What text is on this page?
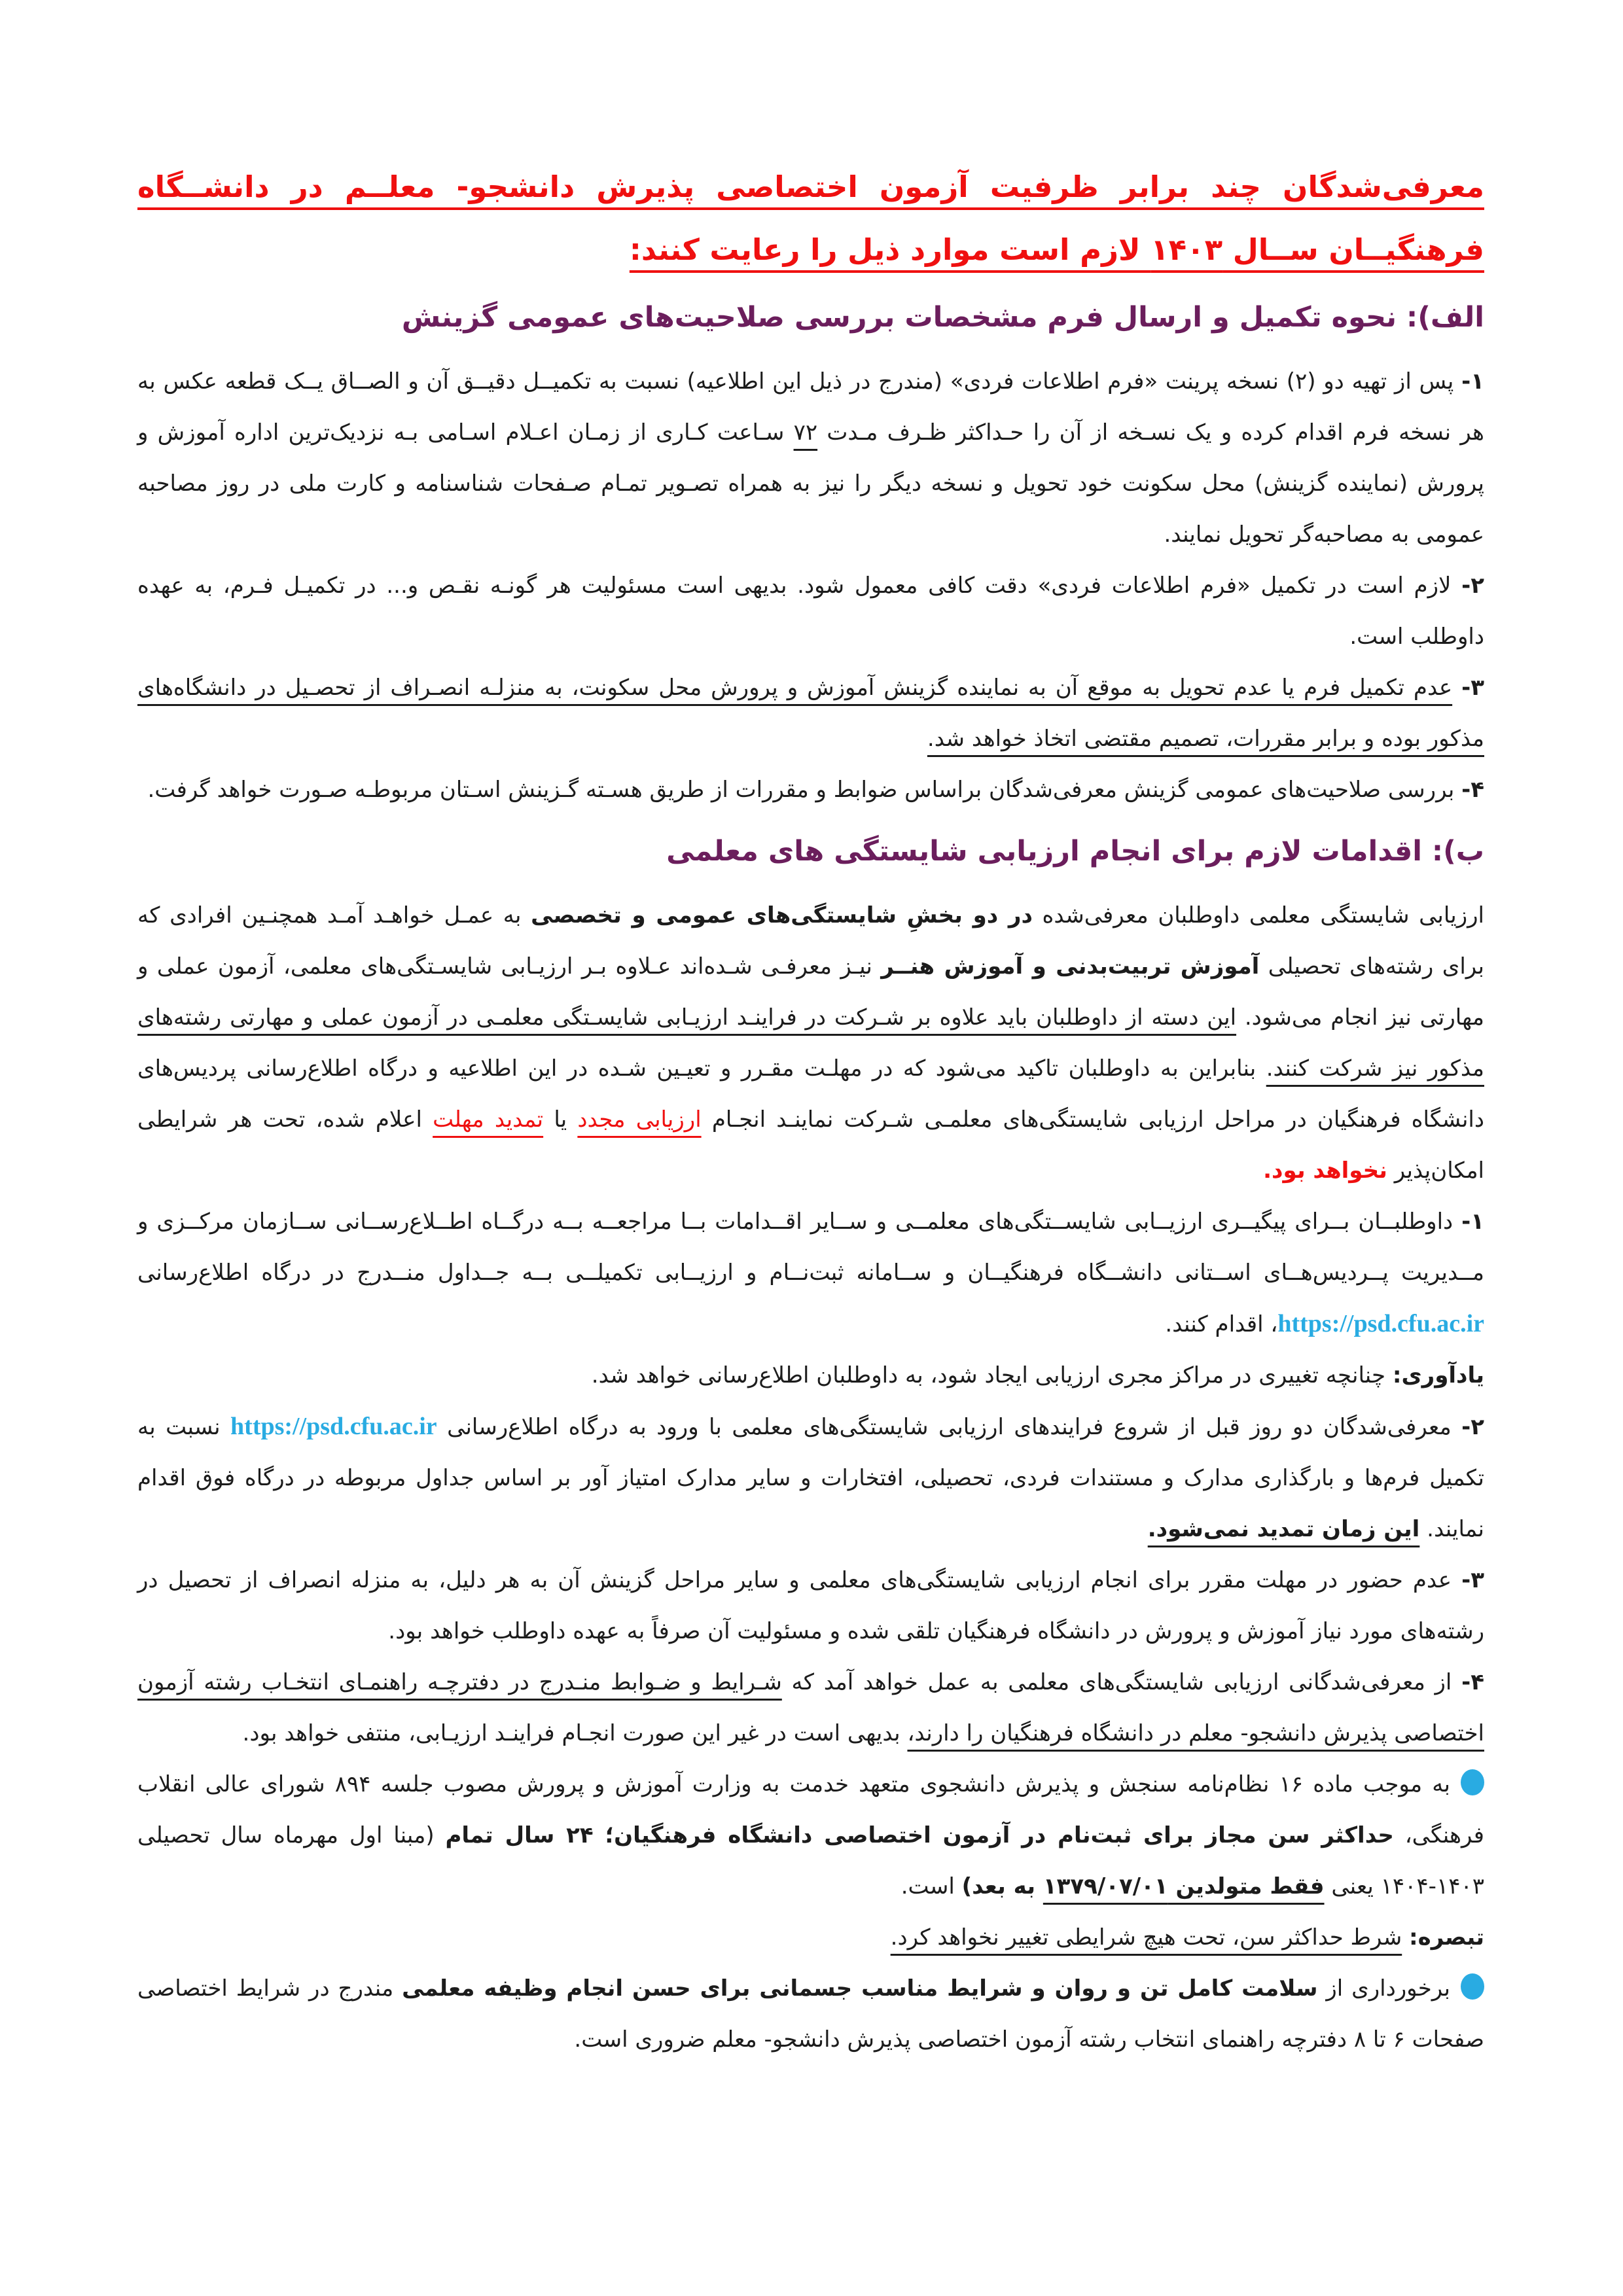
معرفی‌شدگان چند برابر ظرفیت آزمون اختصاصی پذیرش دانشجو- معلــم در دانشــگاه فرهنگیــان ســال ۱۴۰۳ لازم است موارد ذیل را رعایت کنند:

الف): نحوه تکمیل و ارسال فرم مشخصات بررسی صلاحیت‌های عمومی گزینش

۱- پس از تهیه دو (۲) نسخه پرینت «فرم اطلاعات فردی» (مندرج در ذیل این اطلاعیه) نسبت به تکمیــل دقیــق آن و الصــاق یــک قطعه عکس به هر نسخه فرم اقدام کرده و یک نسـخه از آن را حـداکثر ظـرف مـدت ۷۲ سـاعت کـاری از زمـان اعـلام اسـامی بـه نزدیک‌ترین اداره آموزش و پرورش (نماینده گزینش) محل سکونت خود تحویل و نسخه دیگر را نیز به همراه تصـویر تمـام صـفحات شناسنامه و کارت ملی در روز مصاحبه عمومی به مصاحبه‌گر تحویل نمایند.

۲- لازم است در تکمیل «فرم اطلاعات فردی» دقت کافی معمول شود. بدیهی است مسئولیت هر گونـه نقـص و... در تکمیـل فـرم، به عهده داوطلب است.

۳- عدم تکمیل فرم یا عدم تحویل به موقع آن به نماینده گزینش آموزش و پرورش محل سکونت، به منزلـه انصـراف از تحصـیل در دانشگاه‌های مذکور بوده و برابر مقررات، تصمیم مقتضی اتخاذ خواهد شد.

۴- بررسی صلاحیت‌های عمومی گزینش معرفی‌شدگان براساس ضوابط و مقررات از طریق هسـته گـزینش اسـتان مربوطـه صـورت خواهد گرفت.

ب): اقدامات لازم برای انجام ارزیابی شایستگی های معلمی

ارزیابی شایستگی معلمی داوطلبان معرفی‌شده در دو بخشِ شایستگی‌های عمومی و تخصصی به عمـل خواهـد آمـد همچنـین افرادی که برای رشته‌های تحصیلی آموزش تربیت‌بدنی و آموزش هنــر نیـز معرفـی شـده‌اند عـلاوه بـر ارزیـابی شایسـتگی‌های معلمی، آزمون عملی و مهارتی نیز انجام می‌شود. این دسته از داوطلبان باید علاوه بر شـرکت در فراینـد ارزیـابی شایسـتگی معلمـی در آزمون عملی و مهارتی رشته‌های مذکور نیز شرکت کنند. بنابراین به داوطلبان تاکید می‌شود که در مهلـت مقـرر و تعیـین شـده در این اطلاعیه و درگاه اطلاع‌رسانی پردیس‌های دانشگاه فرهنگیان در مراحل ارزیابی شایستگی‌های معلمـی شـرکت نماینـد انجـام ارزیابی مجدد یا تمدید مهلت اعلام شده، تحت هر شرایطی امکان‌پذیر نخواهد بود.

۱- داوطلبــان بــرای پیگیــری ارزیــابی شایســتگی‌های معلمــی و ســایر اقــدامات بــا مراجعــه بــه درگــاه اطــلاع‌رســانی ســازمان مرکــزی و مــدیریت پــردیس‌هــای اســتانی دانشــگاه فرهنگیــان و ســامانه ثبت‌نــام و ارزیــابی تکمیلــی بــه جــداول منــدرج در درگاه اطلاع‌رسانی https://psd.cfu.ac.ir، اقدام کنند.

یادآوری: چنانچه تغییری در مراکز مجری ارزیابی ایجاد شود، به داوطلبان اطلاع‌رسانی خواهد شد.

۲- معرفی‌شدگان دو روز قبل از شروع فرایندهای ارزیابی شایستگی‌های معلمی با ورود به درگاه اطلاع‌رسانی https://psd.cfu.ac.ir نسبت به تکمیل فرم‌ها و بارگذاری مدارک و مستندات فردی، تحصیلی، افتخارات و سایر مدارک امتیاز آور بر اساس جداول مربوطه در درگاه فوق اقدام نمایند. این زمان تمدید نمی‌شود.

۳- عدم حضور در مهلت مقرر برای انجام ارزیابی شایستگی‌های معلمی و سایر مراحل گزینش آن به هر دلیل، به منزله انصراف از تحصیل در رشته‌های مورد نیاز آموزش و پرورش در دانشگاه فرهنگیان تلقی شده و مسئولیت آن صرفاً به عهده داوطلب خواهد بود.

۴- از معرفی‌شدگانی ارزیابی شایستگی‌های معلمی به عمل خواهد آمد که شـرایط و ضـوابط منـدرج در دفترچـه راهنمـای انتخـاب رشته آزمون اختصاصی پذیرش دانشجو- معلم در دانشگاه فرهنگیان را دارند، بدیهی است در غیر این صورت انجـام فراینـد ارزیـابی، منتفی خواهد بود.

به موجب ماده ۱۶ نظام‌نامه سنجش و پذیرش دانشجوی متعهد خدمت به وزارت آموزش و پرورش مصوب جلسه ۸۹۴ شورای عالی انقلاب فرهنگی، حداکثر سن مجاز برای ثبت‌نام در آزمون اختصاصی دانشگاه فرهنگیان؛ ۲۴ سال تمام (مبنا اول مهرماه سال تحصیلی ۱۴۰۳-۱۴۰۴ یعنی فقط متولدین ۱۳۷۹/۰۷/۰۱ به بعد) است.

تبصره: شرط حداکثر سن، تحت هیچ شرایطی تغییر نخواهد کرد.

برخورداری از سلامت کامل تن و روان و شرایط مناسب جسمانی برای حسن انجام وظیفه معلمی مندرج در شرایط اختصاصی صفحات ۶ تا ۸ دفترچه راهنمای انتخاب رشته آزمون اختصاصی پذیرش دانشجو- معلم ضروری است.
